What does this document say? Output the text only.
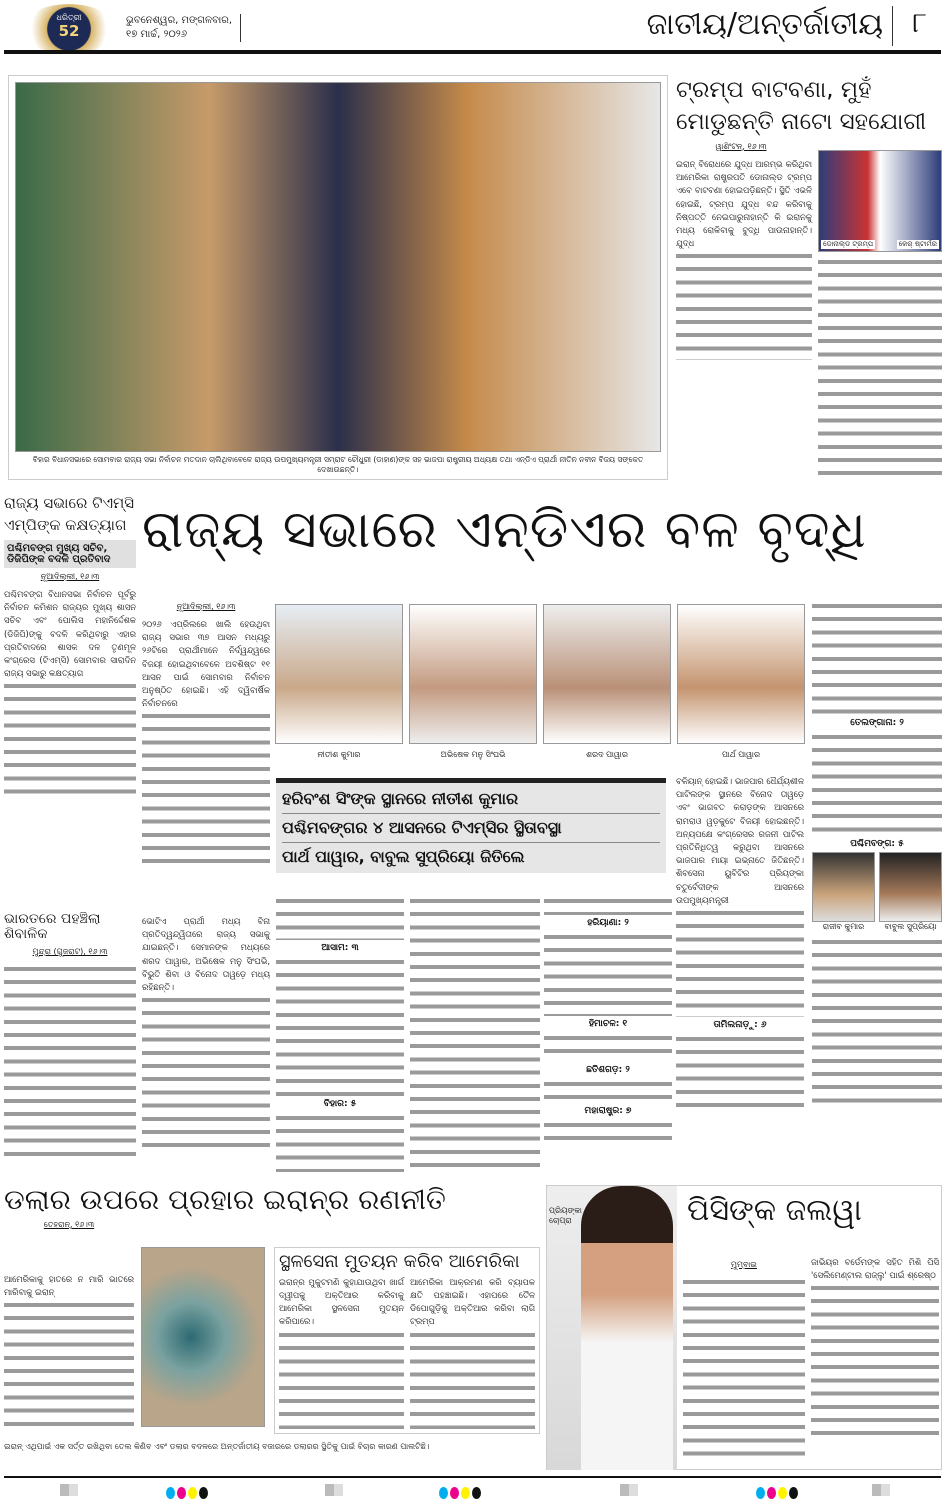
ଧରିତ୍ରୀ
52
ଭୁବନେଶ୍ୱର, ମଙ୍ଗଳବାର,
୧୭ ମାର୍ଚ୍ଚ, ୨୦୨୬	ଜାତୀୟ/ଅନ୍ତର୍ଜାତୀୟ ୮
ବିହାର ବିଧାନସଭାରେ ସୋମବାର ରାଜ୍ୟ ସଭା ନିର୍ବାଚନ ମତଦାନ ଚାଲିଥିବାବେଳେ ରାଜ୍ୟ ଉପମୁଖ୍ୟମନ୍ତ୍ରୀ ସମ୍ରାଟ ଚୌଧୁରୀ (ଡାହାଣ)ଙ୍କ ସହ ଭାଜପା ରାଷ୍ଟ୍ରୀୟ ଅଧ୍ୟକ୍ଷ ତଥା ଏନ୍‌ଡିଏ ପ୍ରାର୍ଥୀ ନୀତିନ ନବୀନ ବିଜୟ ସଙ୍କେତ ଦେଖାଉଛନ୍ତି।
ଟ୍ରମ୍ପ ବାଟବଣା, ମୁହଁ ମୋଡୁଛନ୍ତି ନାଟୋ ସହଯୋଗୀ
ୱାଶିଂଟନ୍, ୧୬।୩
ଡୋନାଲ୍ଡ ଟ୍ରମ୍ପ	କେର୍ ଷ୍ଟାର୍ମର
ଇରାନ୍ ବିରୋଧରେ ଯୁଦ୍ଧ ଆରମ୍ଭ କରିଥିବା ଆମେରିକା ରାଷ୍ଟ୍ରପତି ଡୋନାଲ୍ଡ ଟ୍ରମ୍ପ ଏବେ ବାଟବଣା ହୋଇପଡ଼ିଛନ୍ତି। ସ୍ଥିତି ଏଭଳି ହୋଇଛି, ଟ୍ରମ୍ପ ଯୁଦ୍ଧ ବନ୍ଦ କରିବାକୁ ନିଷ୍ପତ୍ତି ନେଇପାରୁନାହାନ୍ତି କି ଇରାନକୁ ମଧ୍ୟ ରୋକିବାକୁ ବୁଦ୍ଧି ପାଉନାହାନ୍ତି। ଯୁଦ୍ଧ
ରାଜ୍ୟ ସଭାରେ ଟିଏମ୍‌ସି ଏମ୍‌ପିଙ୍କ କକ୍ଷତ୍ୟାଗ
ପଶ୍ଚିମବଙ୍ଗ ମୁଖ୍ୟ ସଚିବ, ଡିଜିପିଙ୍କ ବଦଳି ପ୍ରତିବାଦ
ନୂଆଦିଲ୍ଲୀ, ୧୬।୩
ପଶ୍ଚିମବଙ୍ଗ ବିଧାନସଭା ନିର୍ବାଚନ ପୂର୍ବରୁ ନିର୍ବାଚନ କମିଶନ ରାଜ୍ୟର ମୁଖ୍ୟ ଶାସନ ସଚିବ ଏବଂ ପୋଲିସ ମହାନିର୍ଦ୍ଦେଶକ (ଡିଜିପି)ଙ୍କୁ ବଦଳି କରିଥିବାରୁ ଏହାର ପ୍ରତିବାଦରେ ଶାସକ ଦଳ ତୃଣମୂଳ କଂଗ୍ରେସ (ଟିଏମ୍‌ସି) ସୋମବାର ସାରାଦିନ ରାଜ୍ୟ ସଭାରୁ କକ୍ଷତ୍ୟାଗ
ରାଜ୍ୟ ସଭାରେ ଏନ୍‌ଡିଏର ବଳ ବୃଦ୍ଧି
ନୂଆଦିଲ୍ଲୀ, ୧୬।୩
୨୦୨୬ ଏପ୍ରିଲରେ ଖାଲି ହେଉଥିବା ରାଜ୍ୟ ସଭାର ୩୭ ଆସନ ମଧ୍ୟରୁ ୨୬ଟିରେ ପ୍ରାର୍ଥୀମାନେ ନିର୍ଦ୍ୱନ୍ଦ୍ୱରେ ବିଜୟୀ ହୋଇଥିବାବେଳେ ଅବଶିଷ୍ଟ ୧୧ ଆସନ ପାଇଁ ସୋମବାର ନିର୍ବାଚନ ଅନୁଷ୍ଠିତ ହୋଇଛି। ଏହି ଦ୍ୱିବାର୍ଷିକ ନିର୍ବାଚନରେ
ଭାରତରେ ପହଞ୍ଚିଲା ଶିବାଳିକ
ମୁନ୍ଦ୍ରା (ଗୁଜରାଟ), ୧୬।୩
ଭୋଟିଏ ପ୍ରାର୍ଥୀ ମଧ୍ୟ ବିନା ପ୍ରତିଦ୍ୱନ୍ଦ୍ୱିତାରେ ରାଜ୍ୟ ସଭାକୁ ଯାଇଛନ୍ତି। ସେମାନଙ୍କ ମଧ୍ୟରେ ଶରଦ ପାୱାର, ଅଭିଷେକ ମନୁ ସିଂଘଭି, ବିଭୁତି ଶିବା ଓ ବିନୋଦ ତାୱଡ଼େ ମଧ୍ୟ ରହିଛନ୍ତି।
ନୀତୀଶ କୁମାର	ଅଭିଷେକ ମନୁ ସିଂଘଭି	ଶରଦ ପାୱାର	ପାର୍ଥ ପାୱାର
ହରିବଂଶ ସିଂଙ୍କ ସ୍ଥାନରେ ନୀତୀଶ କୁମାର
ପଶ୍ଚିମବଙ୍ଗର ୪ ଆସନରେ ଟିଏମ୍‌ସିର ସ୍ଥିତାବସ୍ଥା
ପାର୍ଥ ପାୱାର, ବାବୁଲ ସୁପ୍ରିୟୋ ଜିତିଲେ
ବଳିୟାନ୍ ହୋଇଛି। ଭାଜପାର ଧୈର୍ଯ୍ୟଶୀଳ ପାଟିଲଙ୍କ ସ୍ଥାନରେ ବିନୋଦ ତାୱଡ଼େ ଏବଂ ଭାଗବତ କରାଡ଼ଙ୍କ ଆସନରେ ରାମରାଓ ୱଡ଼କୁଟେ ବିଜୟୀ ହୋଇଛନ୍ତି। ଅନ୍ୟପକ୍ଷେ କଂଗ୍ରେସର ରଜନୀ ପାଟିଲ ପ୍ରତିନିଧିତ୍ୱ କରୁଥିବା ଆସନରେ ଭାଜପାର ମାୟା ଇଭ୍ନାତେ ଜିତିଛନ୍ତି। ଶିବସେନା ୟୁବିଟିର ପ୍ରିୟଙ୍କା ଚତୁର୍ବେଦୀଙ୍କ ଆସନରେ ଉପମୁଖ୍ୟମନ୍ତ୍ରୀ
ତାମିଲନାଡ଼ୁ: ୬
ତେଲଙ୍ଗାନା: ୨
ପଶ୍ଚିମବଙ୍ଗ: ୫
ରାଜୀବ କୁମାର	ବାବୁଲ ସୁପ୍ରିୟୋ
ଆସାମ: ୩
ବିହାର: ୫
ହରିୟାଣା: ୨
ହିମାଚଳ: ୧
ଛତିଶଗଡ଼: ୨
ମହାରାଷ୍ଟ୍ର: ୭
ଡଲାର ଉପରେ ପ୍ରହାର ଇରାନ୍‌ର ରଣନୀତି
ତେହରାନ୍, ୧୬।୩
ଆମେରିକାକୁ ହାତରେ ନ ମାରି ଭାତରେ ମାରିବାକୁ ଇରାନ୍
ସ୍ଥଳସେନା ମୁତୟନ କରିବ ଆମେରିକା
ଇରାନ୍‌ର ମୁକୁଟମଣି କୁହାଯାଉଥିବା ଖାର୍ଗ ଦ୍ୱୀପକୁ ଅକ୍ତିଆର କରିବାକୁ ଆମେରିକା ସ୍ଥଳସେନା ମୁତୟନ କରିପାରେ।
ଆମେରିକା ଆକ୍ରମଣ କରି ବ୍ୟାପକ କ୍ଷତି ପହଞ୍ଚାଇଛି। ଏହାପରେ ତୈଳ ଡିପୋଗୁଡ଼ିକୁ ଅକ୍ତିଆର କରିବା ଲାଗି ଟ୍ରମ୍ପ
ଇରାନ୍ ଏଥିପାଇଁ ଏକ ସର୍ତ୍ତ ରଖିଥିବା ତେଲ କିଣିବ ଏବଂ ଡଲାର ବଦଳରେ ଅନ୍ତର୍ଜାତୀୟ ବଜାରରେ ଡଲାରର ସ୍ଥିତିକୁ ପାଇଁ ବିଚାର କାରଣ ପାଲଟିଛି।
ପ୍ରିୟଙ୍କା ଚୋପ୍ରା	ପିସିଙ୍କ ଜଲୱା
ମୁମ୍ବାଇ	ଜାଭିୟର ବର୍ଡେମଙ୍କ ସହିତ ମିଶି ପିସି 'ସେଲିମେଣ୍ଟାଲ ରାଜ୍ଲୁ' ପାଇଁ ଶ୍ରେଷ୍ଠ
